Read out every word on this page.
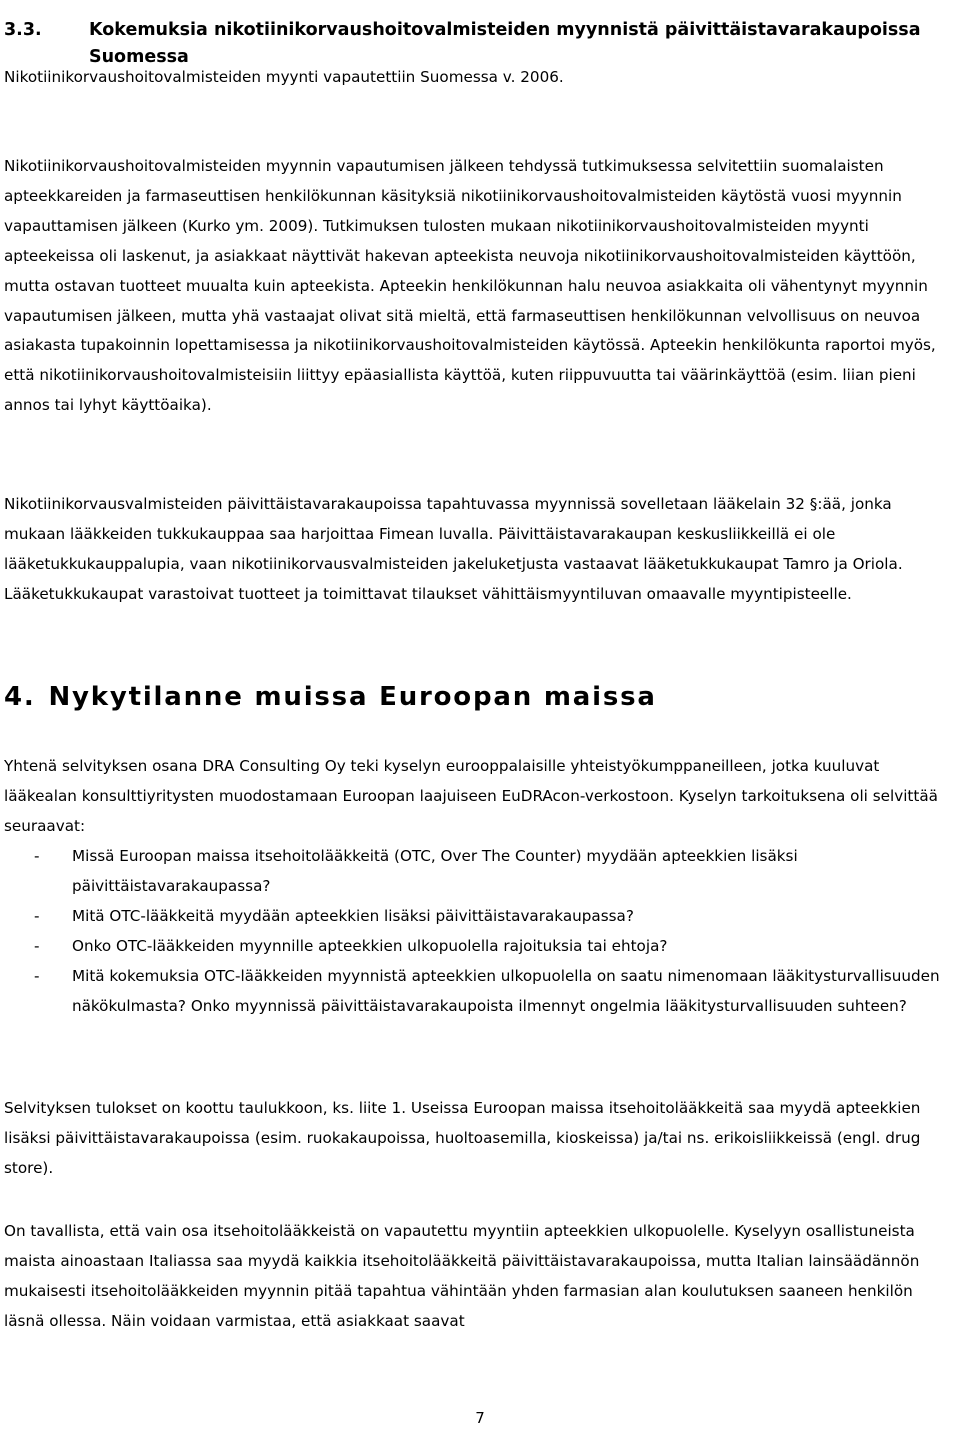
3.3.	Kokemuksia nikotiinikorvaushoitovalmisteiden myynnistä päivittäistavarakaupoissa Suomessa

Nikotiinikorvaushoitovalmisteiden myynti vapautettiin Suomessa v. 2006.

Nikotiinikorvaushoitovalmisteiden myynnin vapautumisen jälkeen tehdyssä tutkimuksessa selvitettiin suomalaisten apteekkareiden ja farmaseuttisen henkilökunnan käsityksiä nikotiinikorvaushoitovalmisteiden käytöstä vuosi myynnin vapauttamisen jälkeen (Kurko ym. 2009). Tutkimuksen tulosten mukaan nikotiinikorvaushoitovalmisteiden myynti apteekeissa oli laskenut, ja asiakkaat näyttivät hakevan apteekista neuvoja nikotiinikorvaushoitovalmisteiden käyttöön, mutta ostavan tuotteet muualta kuin apteekista. Apteekin henkilökunnan halu neuvoa asiakkaita oli vähentynyt myynnin vapautumisen jälkeen, mutta yhä vastaajat olivat sitä mieltä, että farmaseuttisen henkilökunnan velvollisuus on neuvoa asiakasta tupakoinnin lopettamisessa ja nikotiinikorvaushoitovalmisteiden käytössä. Apteekin henkilökunta raportoi myös, että nikotiinikorvaushoitovalmisteisiin liittyy epäasiallista käyttöä, kuten riippuvuutta tai väärinkäyttöä (esim. liian pieni annos tai lyhyt käyttöaika).

Nikotiinikorvausvalmisteiden päivittäistavarakaupoissa tapahtuvassa myynnissä sovelletaan lääkelain 32 §:ää, jonka mukaan lääkkeiden tukkukauppaa saa harjoittaa Fimean luvalla. Päivittäistavarakaupan keskusliikkeillä ei ole lääketukkukauppalupia, vaan nikotiinikorvausvalmisteiden jakeluketjusta vastaavat lääketukkukaupat Tamro ja Oriola. Lääketukkukaupat varastoivat tuotteet ja toimittavat tilaukset vähittäismyyntiluvan omaavalle myyntipisteelle.

4. Nykytilanne muissa Euroopan maissa

Yhtenä selvityksen osana DRA Consulting Oy teki kyselyn eurooppalaisille yhteistyökumppaneilleen, jotka kuuluvat lääkealan konsulttiyritysten muodostamaan Euroopan laajuiseen EuDRAcon-verkostoon. Kyselyn tarkoituksena oli selvittää seuraavat:

- Missä Euroopan maissa itsehoitolääkkeitä (OTC, Over The Counter) myydään apteekkien lisäksi päivittäistavarakaupassa?
- Mitä OTC-lääkkeitä myydään apteekkien lisäksi päivittäistavarakaupassa?
- Onko OTC-lääkkeiden myynnille apteekkien ulkopuolella rajoituksia tai ehtoja?
- Mitä kokemuksia OTC-lääkkeiden myynnistä apteekkien ulkopuolella on saatu nimenomaan lääkitysturvallisuuden näkökulmasta? Onko myynnissä päivittäistavarakaupoista ilmennyt ongelmia lääkitysturvallisuuden suhteen?

Selvityksen tulokset on koottu taulukkoon, ks. liite 1. Useissa Euroopan maissa itsehoitolääkkeitä saa myydä apteekkien lisäksi päivittäistavarakaupoissa (esim. ruokakaupoissa, huoltoasemilla, kioskeissa) ja/tai ns. erikoisliikkeissä (engl. drug store).

On tavallista, että vain osa itsehoitolääkkeistä on vapautettu myyntiin apteekkien ulkopuolelle. Kyselyyn osallistuneista maista ainoastaan Italiassa saa myydä kaikkia itsehoitolääkkeitä päivittäistavarakaupoissa, mutta Italian lainsäädännön mukaisesti itsehoitolääkkeiden myynnin pitää tapahtua vähintään yhden farmasian alan koulutuksen saaneen henkilön läsnä ollessa. Näin voidaan varmistaa, että asiakkaat saavat

7
